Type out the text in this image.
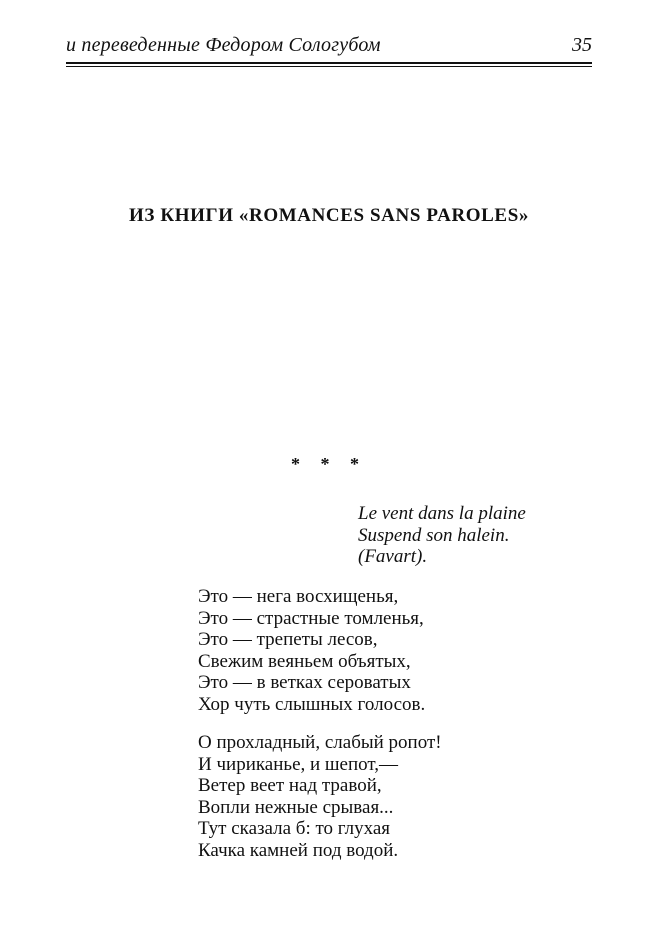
и переведенные Федором Сологубом	35
ИЗ КНИГИ «ROMANCES SANS PAROLES»
* * *
Le vent dans la plaine
Suspend son halein.
(Favart).
Это — нега восхищенья,
Это — страстные томленья,
Это — трепеты лесов,
Свежим веяньем объятых,
Это — в ветках сероватых
Хор чуть слышных голосов.
О прохладный, слабый ропот!
И чириканье, и шепот,—
Ветер веет над травой,
Вопли нежные срывая...
Тут сказала б: то глухая
Качка камней под водой.
